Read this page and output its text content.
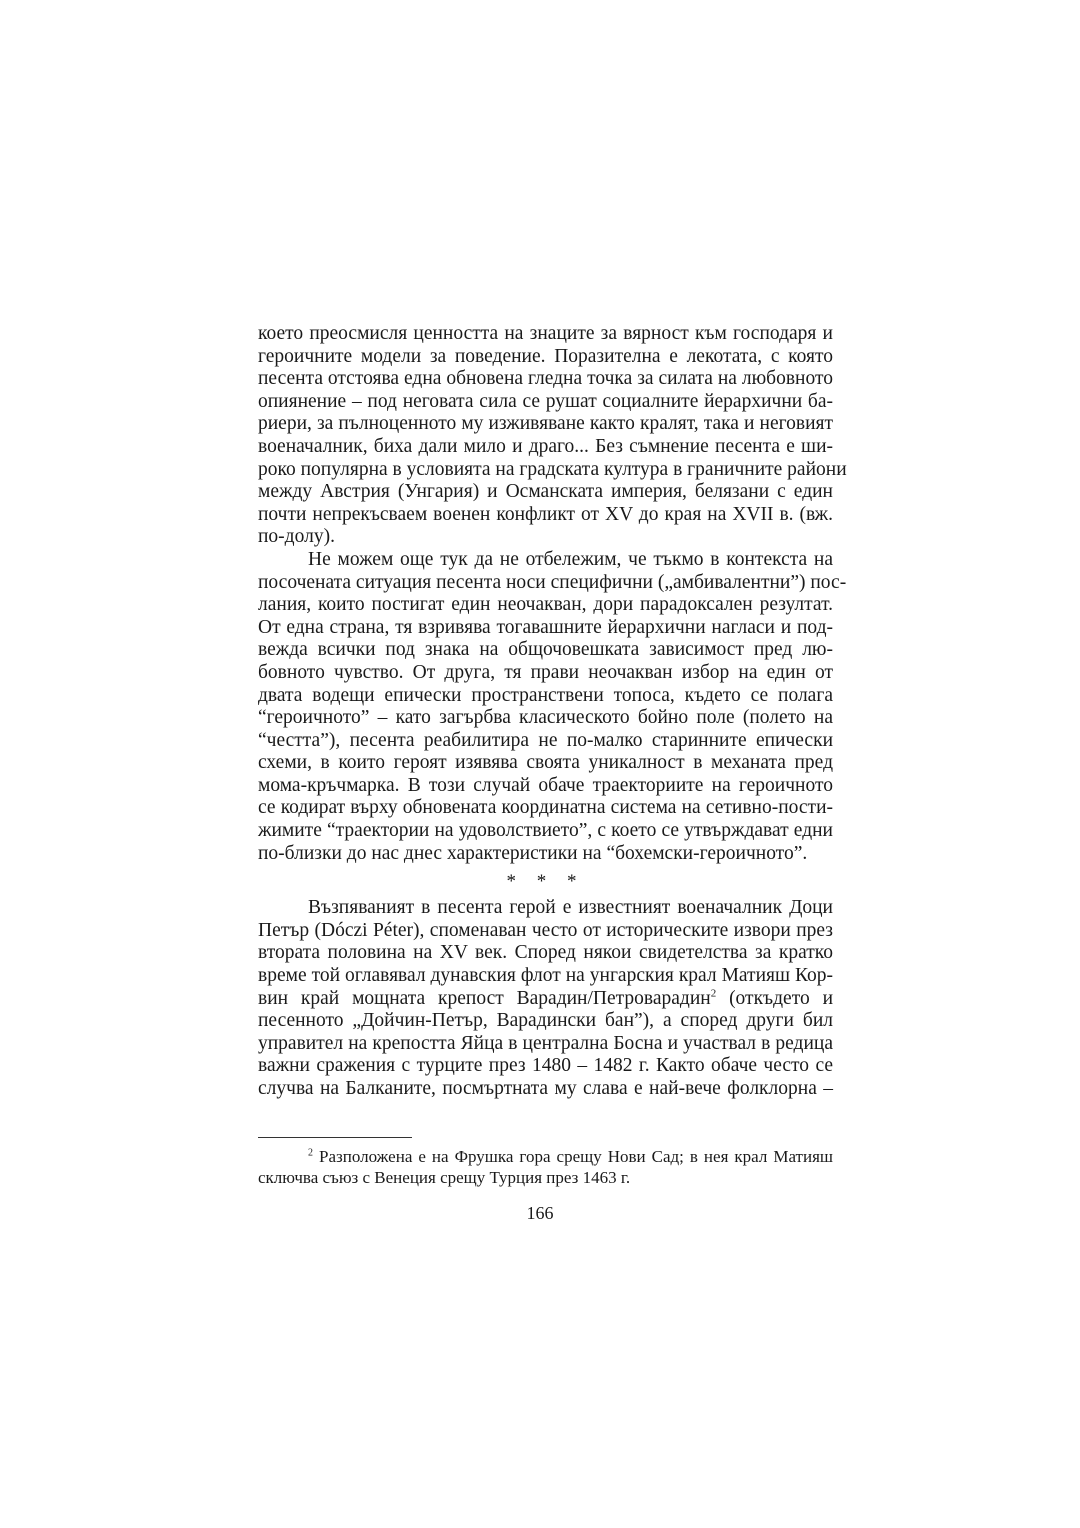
което преосмисля ценността на знаците за вярност към господаря и
героичните модели за поведение. Поразителна е лекотата, с която
песента отстоява една обновена гледна точка за силата на любовното
опиянение – под неговата сила се рушат социалните йерархични ба-
риери, за пълноценното му изживяване както кралят, така и неговият
военачалник, биха дали мило и драго... Без съмнение песента е ши-
роко популярна в условията на градската култура в граничните райони
между Австрия (Унгария) и Османската империя, белязани с един
почти непрекъсваем военен конфликт от XV до края на XVII в. (вж.
по-долу).
Не можем още тук да не отбележим, че тъкмо в контекста на
посочената ситуация песента носи специфични („амбивалентни”) пос-
лания, които постигат един неочакван, дори парадоксален резултат.
От една страна, тя взривява тогавашните йерархични нагласи и под-
вежда всички под знака на общочовешката зависимост пред лю-
бовното чувство. От друга, тя прави неочакван избор на един от
двата водещи епически пространствени топоса, където се полага
“героичното” – като загърбва класическото бойно поле (полето на
“честта”), песента реабилитира не по-малко старинните епически
схеми, в които героят изявява своята уникалност в механата пред
мома-кръчмарка. В този случай обаче траекториите на героичното
се кодират върху обновената координатна система на сетивно-пости-
жимите “траектории на удоволствието”, с което се утвърждават едни
по-близки до нас днес характеристики на “бохемски-героичното”.
* * *
Възпяваният в песента герой е известният военачалник Доци
Петър (Dóczi Péter), споменаван често от историческите извори през
втората половина на XV век. Според някои свидетелства за кратко
време той оглавявал дунавския флот на унгарския крал Матияш Кор-
вин край мощната крепост Варадин/Петроварадин$^2$ (откъдето и
песенното „Дойчин-Петър, Варадински бан”), а според други бил
управител на крепостта Яйца в централна Босна и участвал в редица
важни сражения с турците през 1480 – 1482 г. Както обаче често се
случва на Балканите, посмъртната му слава е най-вече фолклорна –
$^2$ Разположена е на Фрушка гора срещу Нови Сад; в нея крал Матияш
сключва съюз с Венеция срещу Турция през 1463 г.
166
